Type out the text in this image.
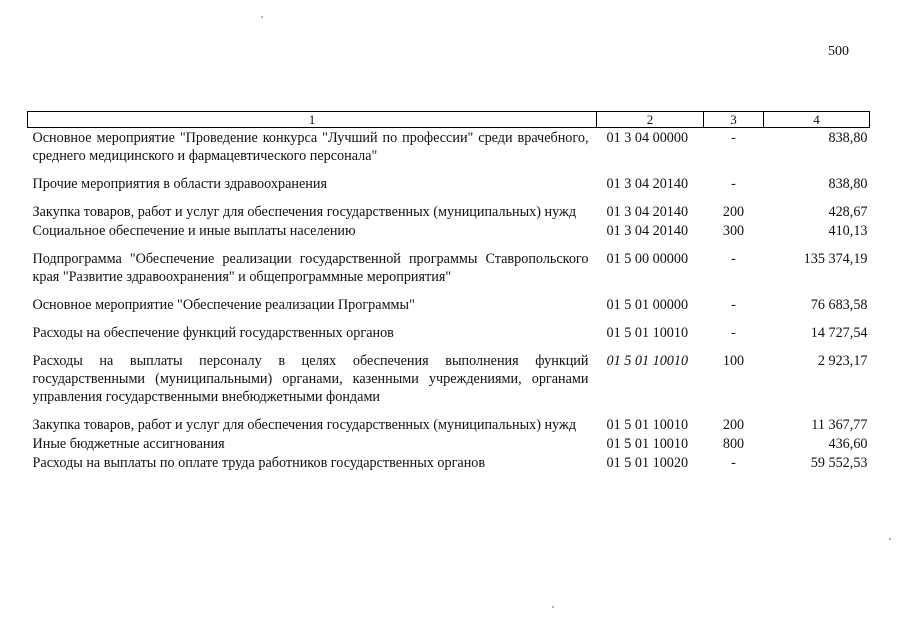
500
1	2	3	4
Основное мероприятие "Проведение конкурса "Лучший по профессии" среди врачебного, среднего медицинского и фармацевтического персонала"	01 3 04 00000	-	838,80
Прочие мероприятия в области здравоохранения	01 3 04 20140	-	838,80
Закупка товаров, работ и услуг для обеспечения государственных (муниципальных) нужд	01 3 04 20140	200	428,67
Социальное обеспечение и иные выплаты населению	01 3 04 20140	300	410,13
Подпрограмма "Обеспечение реализации государственной программы Ставропольского края "Развитие здравоохранения" и общепрограммные мероприятия"	01 5 00 00000	-	135 374,19
Основное мероприятие "Обеспечение реализации Программы"	01 5 01 00000	-	76 683,58
Расходы на обеспечение функций государственных органов	01 5 01 10010	-	14 727,54
Расходы на выплаты персоналу в целях обеспечения выполнения функций государственными (муниципальными) органами, казенными учреждениями, органами управления государственными внебюджетными фондами	01 5 01 10010	100	2 923,17
Закупка товаров, работ и услуг для обеспечения государственных (муниципальных) нужд	01 5 01 10010	200	11 367,77
Иные бюджетные ассигнования	01 5 01 10010	800	436,60
Расходы на выплаты по оплате труда работников государственных органов	01 5 01 10020	-	59 552,53
